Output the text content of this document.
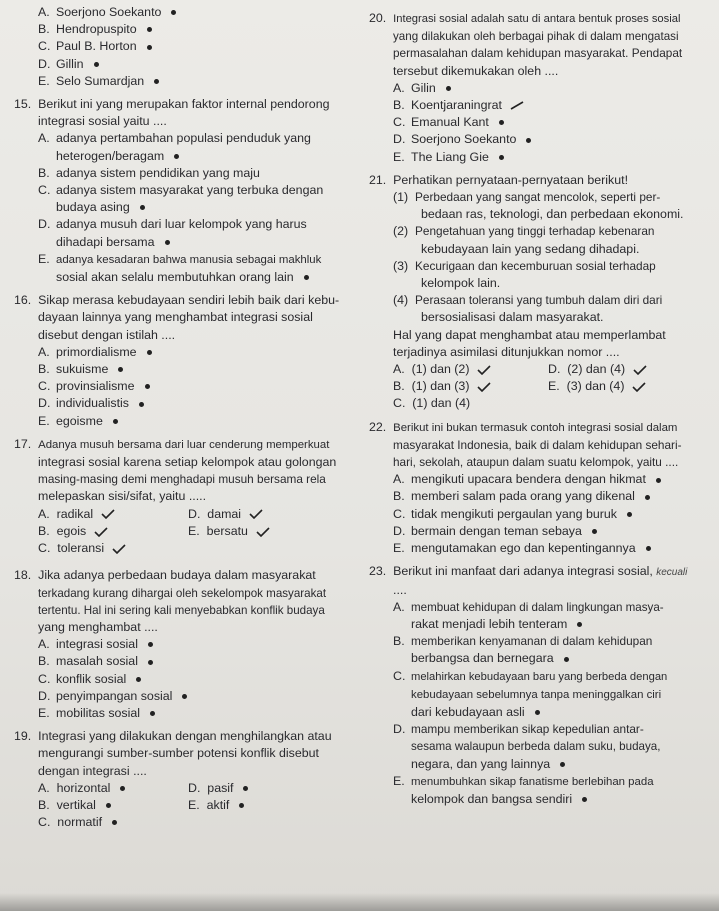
A. Soerjono Soekanto
B. Hendropuspito
C. Paul B. Horton
D. Gillin
E. Selo Sumardjan
15. Berikut ini yang merupakan faktor internal pendorong
integrasi sosial yaitu ....
A. adanya pertambahan populasi penduduk yang
heterogen/beragam
B. adanya sistem pendidikan yang maju
C. adanya sistem masyarakat yang terbuka dengan
budaya asing
D. adanya musuh dari luar kelompok yang harus
dihadapi bersama
E. adanya kesadaran bahwa manusia sebagai makhluk
sosial akan selalu membutuhkan orang lain
16. Sikap merasa kebudayaan sendiri lebih baik dari kebu-
dayaan lainnya yang menghambat integrasi sosial
disebut dengan istilah ....
A. primordialisme
B. sukuisme
C. provinsialisme
D. individualistis
E. egoisme
17. Adanya musuh bersama dari luar cenderung memperkuat
integrasi sosial karena setiap kelompok atau golongan
masing-masing demi menghadapi musuh bersama rela
melepaskan sisi/sifat, yaitu .....
A. radikal	D. damai
B. egois	E. bersatu
C. toleransi
18. Jika adanya perbedaan budaya dalam masyarakat
terkadang kurang dihargai oleh sekelompok masyarakat
tertentu. Hal ini sering kali menyebabkan konflik budaya
yang menghambat ....
A. integrasi sosial
B. masalah sosial
C. konflik sosial
D. penyimpangan sosial
E. mobilitas sosial
19. Integrasi yang dilakukan dengan menghilangkan atau
mengurangi sumber-sumber potensi konflik disebut
dengan integrasi ....
A. horizontal	D. pasif
B. vertikal	E. aktif
C. normatif
20. Integrasi sosial adalah satu di antara bentuk proses sosial
yang dilakukan oleh berbagai pihak di dalam mengatasi
permasalahan dalam kehidupan masyarakat. Pendapat
tersebut dikemukakan oleh ....
A. Gilin
B. Koentjaraningrat
C. Emanual Kant
D. Soerjono Soekanto
E. The Liang Gie
21. Perhatikan pernyataan-pernyataan berikut!
(1) Perbedaan yang sangat mencolok, seperti per-
bedaan ras, teknologi, dan perbedaan ekonomi.
(2) Pengetahuan yang tinggi terhadap kebenaran
kebudayaan lain yang sedang dihadapi.
(3) Kecurigaan dan kecemburuan sosial terhadap
kelompok lain.
(4) Perasaan toleransi yang tumbuh dalam diri dari
bersosialisasi dalam masyarakat.
Hal yang dapat menghambat atau memperlambat
terjadinya asimilasi ditunjukkan nomor ....
A. (1) dan (2)	D. (2) dan (4)
B. (1) dan (3)	E. (3) dan (4)
C. (1) dan (4)
22. Berikut ini bukan termasuk contoh integrasi sosial dalam
masyarakat Indonesia, baik di dalam kehidupan sehari-
hari, sekolah, ataupun dalam suatu kelompok, yaitu ....
A. mengikuti upacara bendera dengan hikmat
B. memberi salam pada orang yang dikenal
C. tidak mengikuti pergaulan yang buruk
D. bermain dengan teman sebaya
E. mengutamakan ego dan kepentingannya
23. Berikut ini manfaat dari adanya integrasi sosial, kecuali
....
A. membuat kehidupan di dalam lingkungan masya-
rakat menjadi lebih tenteram
B. memberikan kenyamanan di dalam kehidupan
berbangsa dan bernegara
C. melahirkan kebudayaan baru yang berbeda dengan
kebudayaan sebelumnya tanpa meninggalkan ciri
dari kebudayaan asli
D. mampu memberikan sikap kepedulian antar-
sesama walaupun berbeda dalam suku, budaya,
negara, dan yang lainnya
E. menumbuhkan sikap fanatisme berlebihan pada
kelompok dan bangsa sendiri
